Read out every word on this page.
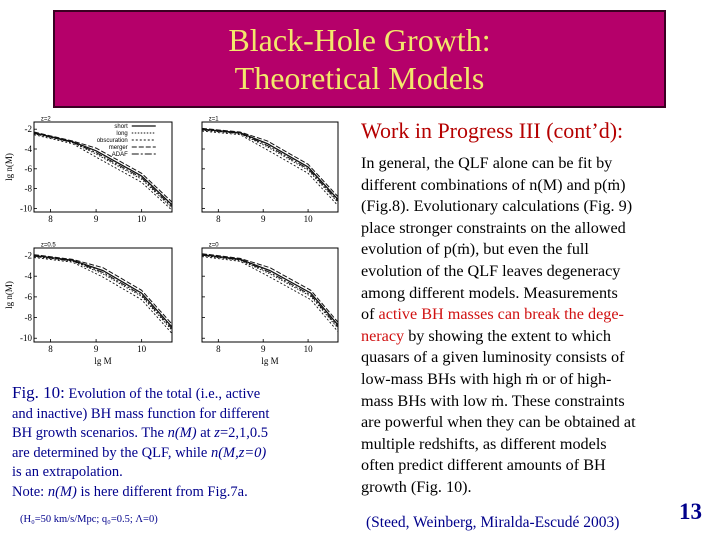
Black-Hole Growth:
Theoretical Models
8	9	10
-2
-4
-6
-8
-10
lg n(M)
z=2
short
long
obscuration
merger
ADAF
8	9	10
z=1
8	9	10
-2
-4
-6
-8
-10
lg n(M)
lg M
z=0.5
8	9	10
lg M
z=0
Work in Progress III (cont’d):
In general, the QLF alone can be fit by
different combinations of n(M) and p(ṁ)
(Fig.8). Evolutionary calculations (Fig. 9)
place stronger constraints on the allowed
evolution of p(ṁ), but even the full
evolution of the QLF leaves degeneracy
among different models. Measurements
of active BH masses can break the dege-
neracy by showing the extent to which
quasars of a given luminosity consists of
low-mass BHs with high ṁ or of high-
mass BHs with low ṁ. These constraints
are powerful when they can be obtained at
multiple redshifts, as different models
often predict different amounts of BH
growth (Fig. 10).
Fig. 10: Evolution of the total (i.e., active
and inactive) BH mass function for different
BH growth scenarios. The n(M) at z=2,1,0.5
are determined by the QLF, while n(M,z=0)
is an extrapolation.
Note: n(M) is here different from Fig.7a.
(H₀=50 km/s/Mpc; q₀=0.5; Λ=0)	(Steed, Weinberg, Miralda-Escudé 2003)	13
